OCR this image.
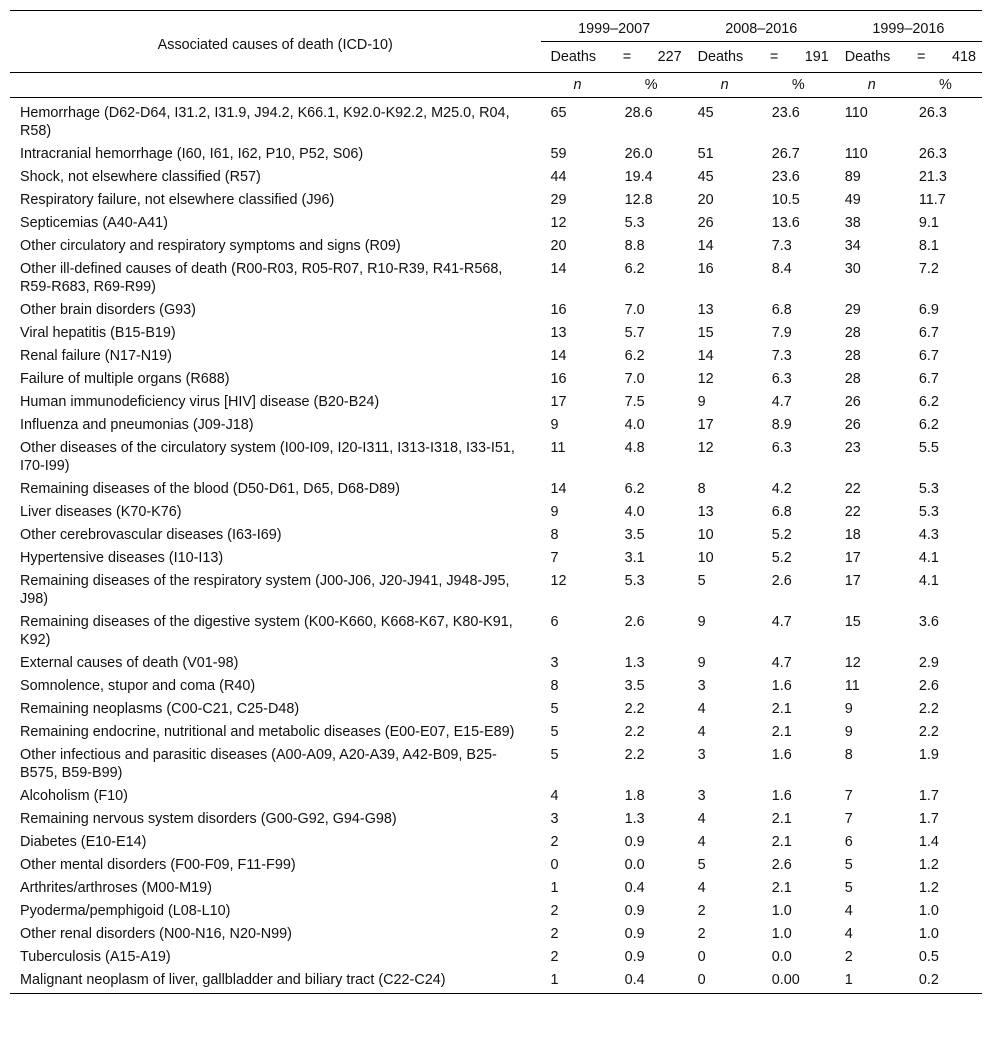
Associated causes of death (ICD-10)	1999–2007		2008–2016		1999–2016	

	Deaths = 227		Deaths = 191		Deaths = 418	

	n	%	n	%	n	%
Hemorrhage (D62-D64, I31.2, I31.9, J94.2, K66.1, K92.0-K92.2, M25.0, R04, R58)	65	28.6	45	23.6	110	26.3
Intracranial hemorrhage (I60, I61, I62, P10, P52, S06)	59	26.0	51	26.7	110	26.3
Shock, not elsewhere classified (R57)	44	19.4	45	23.6	89	21.3
Respiratory failure, not elsewhere classified (J96)	29	12.8	20	10.5	49	11.7
Septicemias (A40-A41)	12	5.3	26	13.6	38	9.1
Other circulatory and respiratory symptoms and signs (R09)	20	8.8	14	7.3	34	8.1
Other ill-defined causes of death (R00-R03, R05-R07, R10-R39, R41-R568, R59-R683, R69-R99)	14	6.2	16	8.4	30	7.2
Other brain disorders (G93)	16	7.0	13	6.8	29	6.9
Viral hepatitis (B15-B19)	13	5.7	15	7.9	28	6.7
Renal failure (N17-N19)	14	6.2	14	7.3	28	6.7
Failure of multiple organs (R688)	16	7.0	12	6.3	28	6.7
Human immunodeficiency virus [HIV] disease (B20-B24)	17	7.5	9	4.7	26	6.2
Influenza and pneumonias (J09-J18)	9	4.0	17	8.9	26	6.2
Other diseases of the circulatory system (I00-I09, I20-I311, I313-I318, I33-I51, I70-I99)	11	4.8	12	6.3	23	5.5
Remaining diseases of the blood (D50-D61, D65, D68-D89)	14	6.2	8	4.2	22	5.3
Liver diseases (K70-K76)	9	4.0	13	6.8	22	5.3
Other cerebrovascular diseases (I63-I69)	8	3.5	10	5.2	18	4.3
Hypertensive diseases (I10-I13)	7	3.1	10	5.2	17	4.1
Remaining diseases of the respiratory system (J00-J06, J20-J941, J948-J95, J98)	12	5.3	5	2.6	17	4.1
Remaining diseases of the digestive system (K00-K660, K668-K67, K80-K91, K92)	6	2.6	9	4.7	15	3.6
External causes of death (V01-98)	3	1.3	9	4.7	12	2.9
Somnolence, stupor and coma (R40)	8	3.5	3	1.6	11	2.6
Remaining neoplasms (C00-C21, C25-D48)	5	2.2	4	2.1	9	2.2
Remaining endocrine, nutritional and metabolic diseases (E00-E07, E15-E89)	5	2.2	4	2.1	9	2.2
Other infectious and parasitic diseases (A00-A09, A20-A39, A42-B09, B25-B575, B59-B99)	5	2.2	3	1.6	8	1.9
Alcoholism (F10)	4	1.8	3	1.6	7	1.7
Remaining nervous system disorders (G00-G92, G94-G98)	3	1.3	4	2.1	7	1.7
Diabetes (E10-E14)	2	0.9	4	2.1	6	1.4
Other mental disorders (F00-F09, F11-F99)	0	0.0	5	2.6	5	1.2
Arthrites/arthroses (M00-M19)	1	0.4	4	2.1	5	1.2
Pyoderma/pemphigoid (L08-L10)	2	0.9	2	1.0	4	1.0
Other renal disorders (N00-N16, N20-N99)	2	0.9	2	1.0	4	1.0
Tuberculosis (A15-A19)	2	0.9	0	0.0	2	0.5
Malignant neoplasm of liver, gallbladder and biliary tract (C22-C24)	1	0.4	0	0.00	1	0.2
